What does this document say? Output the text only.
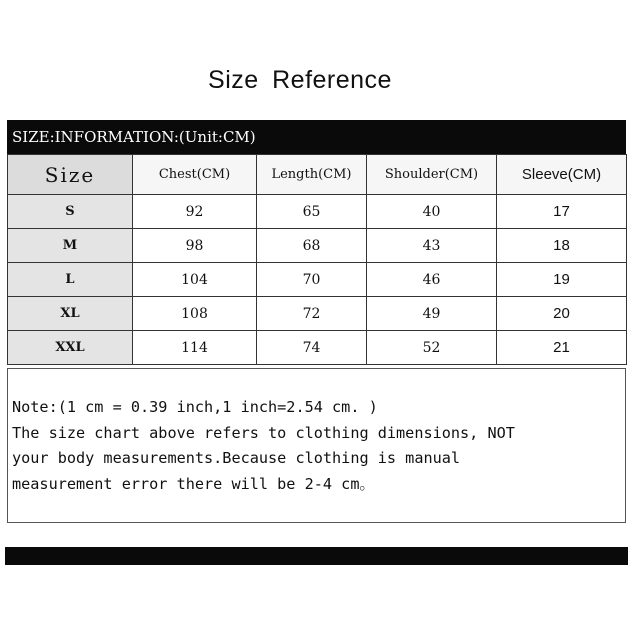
Size Reference
SIZE:INFORMATION:(Unit:CM)
Size	Chest(CM)	Length(CM)	Shoulder(CM)	Sleeve(CM)
S	92	65	40	17
M	98	68	43	18
L	104	70	46	19
XL	108	72	49	20
XXL	114	74	52	21
Note:(1 cm = 0.39 inch,1 inch=2.54 cm. )
The size chart above refers to clothing dimensions, NOT
your body measurements.Because clothing is manual
measurement error there will be 2-4 cm。
